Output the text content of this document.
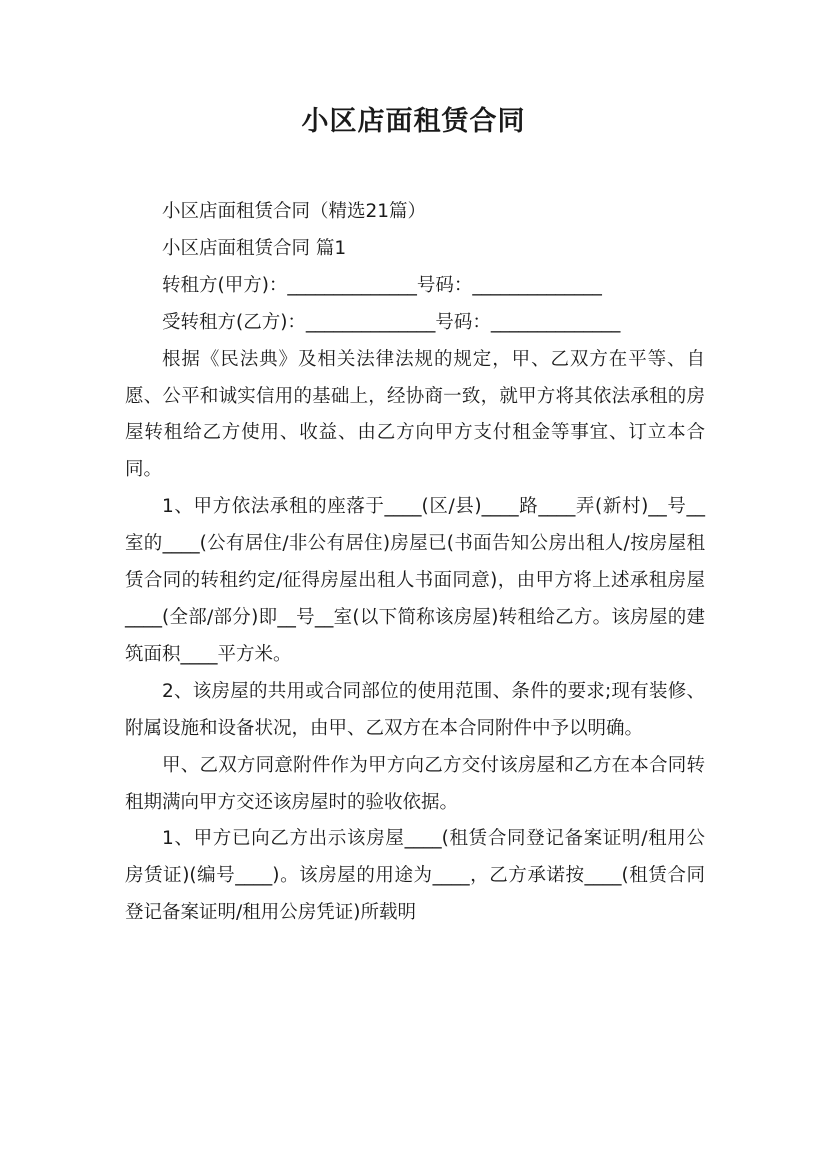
小区店面租赁合同

小区店面租赁合同（精选21篇）

小区店面租赁合同 篇1

转租方(甲方)：______________号码：______________

受转租方(乙方)：______________号码：______________

根据《民法典》及相关法律法规的规定，甲、乙双方在平等、自愿、公平和诚实信用的基础上，经协商一致，就甲方将其依法承租的房屋转租给乙方使用、收益、由乙方向甲方支付租金等事宜、订立本合同。

1、甲方依法承租的座落于____(区/县)____路____弄(新村)__号__室的____(公有居住/非公有居住)房屋已(书面告知公房出租人/按房屋租赁合同的转租约定/征得房屋出租人书面同意)，由甲方将上述承租房屋____(全部/部分)即__号__室(以下简称该房屋)转租给乙方。该房屋的建筑面积____平方米。

2、该房屋的共用或合同部位的使用范围、条件的要求;现有装修、附属设施和设备状况，由甲、乙双方在本合同附件中予以明确。

甲、乙双方同意附件作为甲方向乙方交付该房屋和乙方在本合同转租期满向甲方交还该房屋时的验收依据。

1、甲方已向乙方出示该房屋____(租赁合同登记备案证明/租用公房赁证)(编号____)。该房屋的用途为____，乙方承诺按____(租赁合同登记备案证明/租用公房凭证)所载明
